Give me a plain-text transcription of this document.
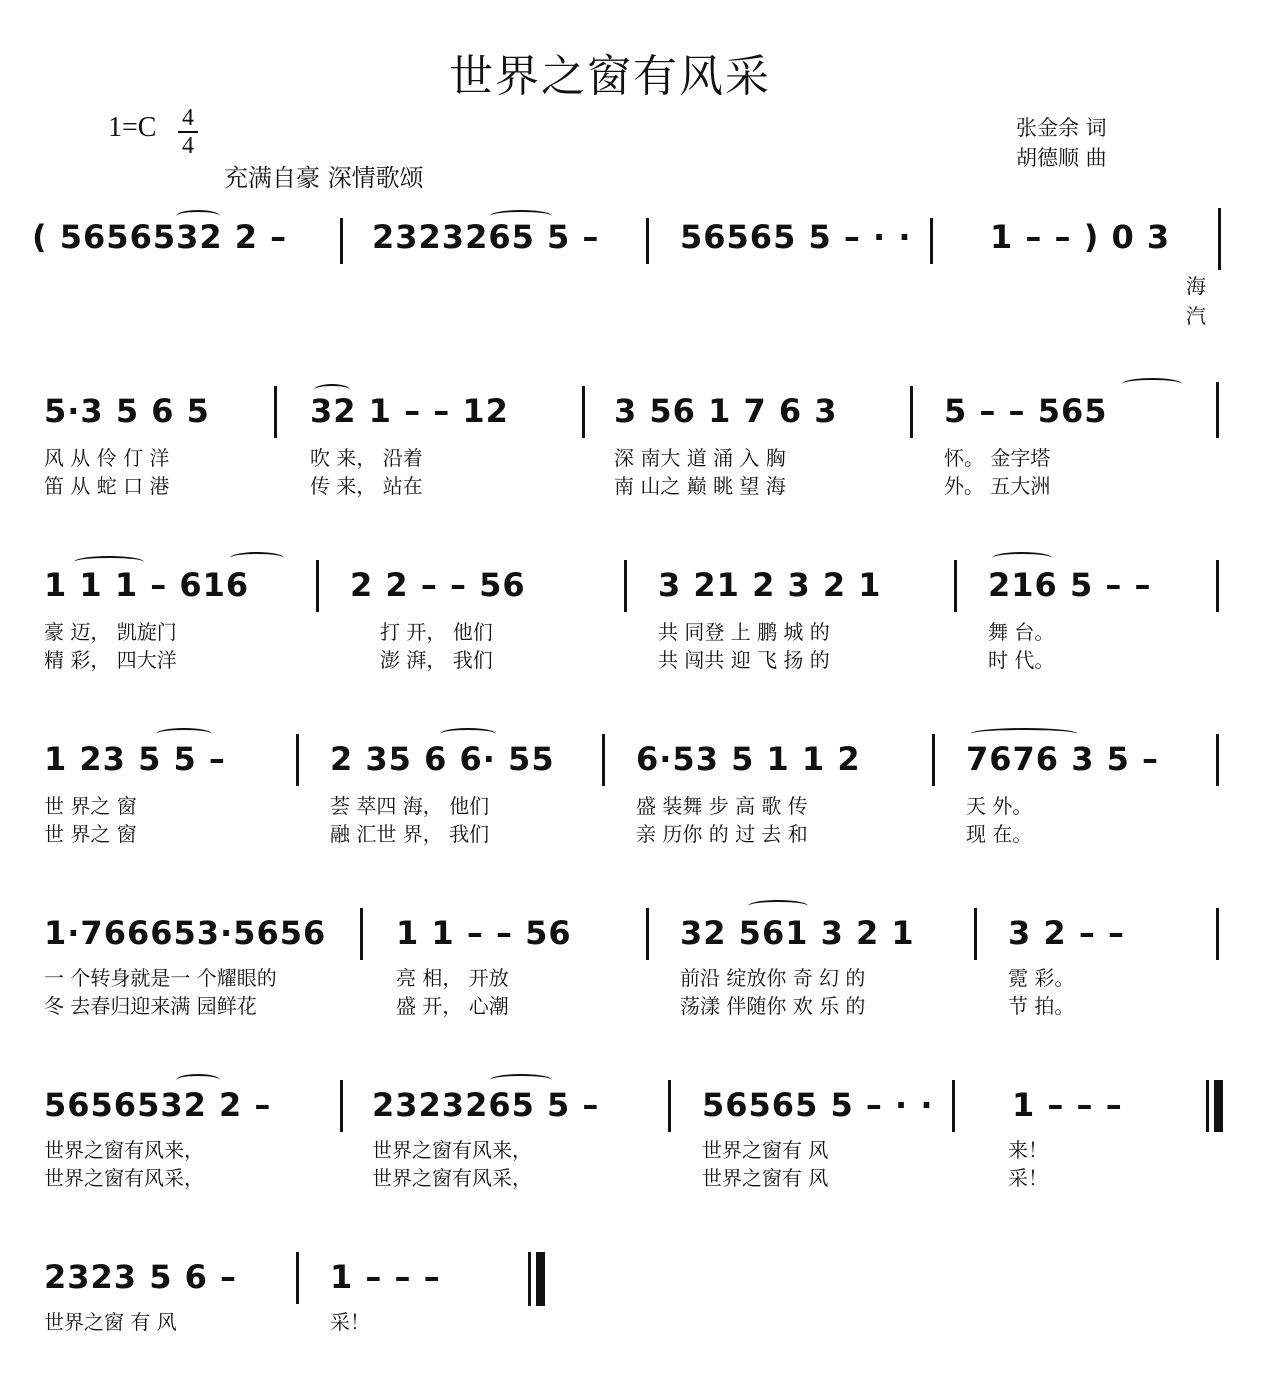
世界之窗有风采
1=C 4
4
充满自豪 深情歌颂
张金余 词
胡德顺 曲
( 5656532 2 –	2323265 5 –	56565 5 – · · 1 – – ) 0 3
海
汽
5·3 5 6 5
风 从 伶 仃 洋
笛 从 蛇 口 港
32 1 – – 12
吹 来， 沿着
传 来， 站在
3 56 1 7 6 3
深 南大 道 涌 入 胸
南 山之 巅 眺 望 海
5 – – 565
怀。 金字塔
外。 五大洲
1 1 1 – 616
豪 迈， 凯旋门
精 彩， 四大洋
2 2 – – 56
打 开， 他们
澎 湃， 我们
3 21 2 3 2 1
共 同登 上 鹏 城 的
共 闯共 迎 飞 扬 的
216 5 – –
舞 台。
时 代。
1 23 5 5 –
世 界之 窗
世 界之 窗
2 35 6 6· 55
荟 萃四 海， 他们
融 汇世 界， 我们
6·53 5 1 1 2
盛 装舞 步 高 歌 传
亲 历你 的 过 去 和
7676 3 5 –
天 外。
现 在。
1·766653·5656
一 个转身就是一 个耀眼的
冬 去春归迎来满 园鲜花
1 1 – – 56
亮 相， 开放
盛 开， 心潮
32 561 3 2 1
前沿 绽放你 奇 幻 的
荡漾 伴随你 欢 乐 的
3 2 – –
霓 彩。
节 拍。
5656532 2 –
世界之窗有风来，
世界之窗有风采，
2323265 5 –
世界之窗有风来，
世界之窗有风采，
56565 5 – · ·
世界之窗有 风
世界之窗有 风
1 – – –
来！
采！
2323 5 6 –
世界之窗 有 风
1 – – –
采！
